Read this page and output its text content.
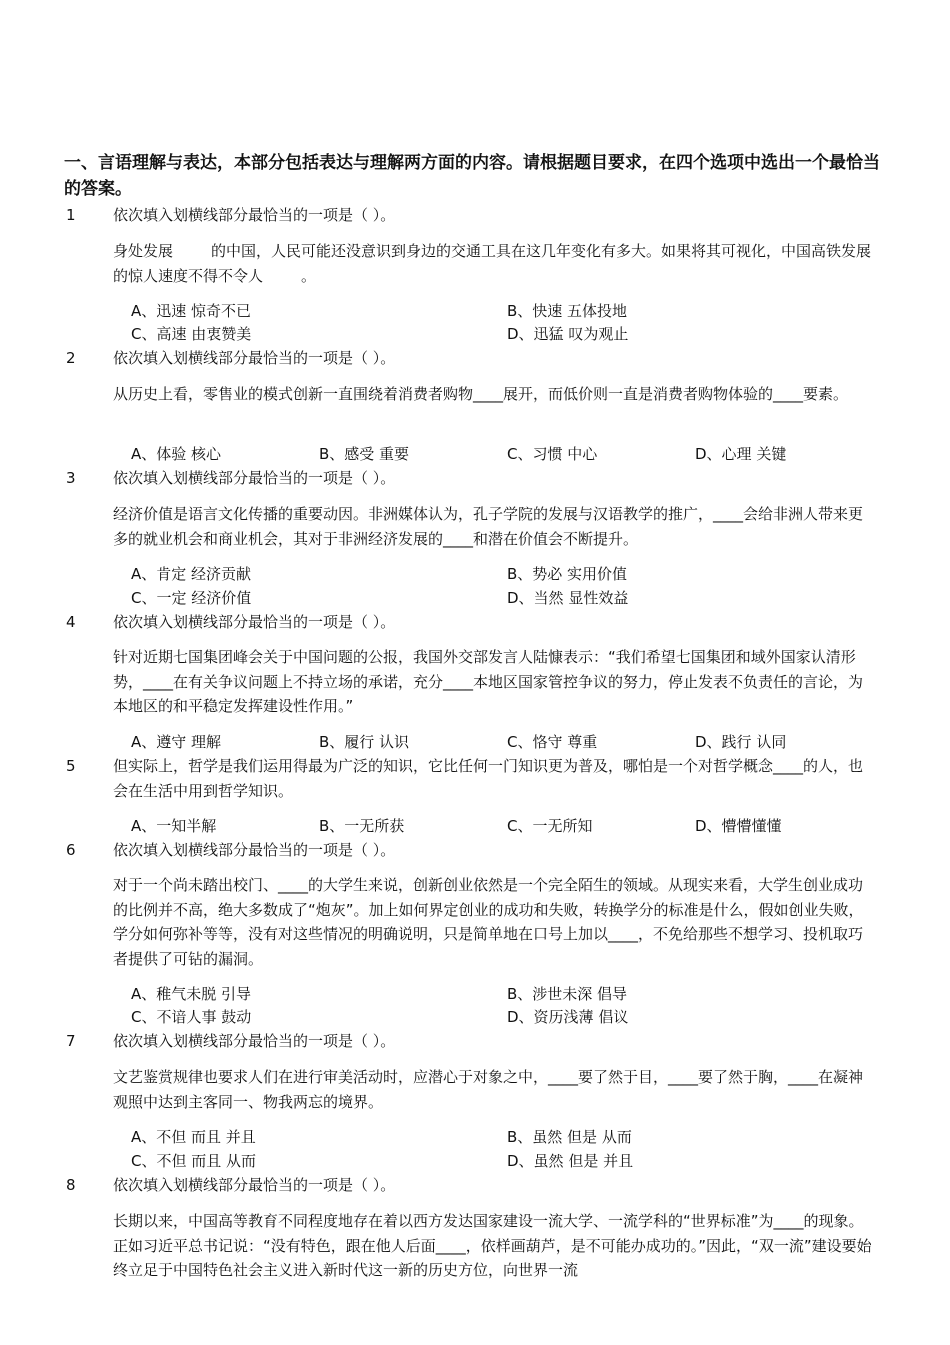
一、言语理解与表达，本部分包括表达与理解两方面的内容。请根据题目要求，在四个选项中选出一个最恰当的答案。
1 依次填入划横线部分最恰当的一项是（ ）。
身处发展	的中国，人民可能还没意识到身边的交通工具在这几年变化有多大。如果将其可视化，中国高铁发展的惊人速度不得不令人	。
A、迅速 惊奇不已	B、快速 五体投地
C、高速 由衷赞美	D、迅猛 叹为观止
2 依次填入划横线部分最恰当的一项是（ ）。
从历史上看，零售业的模式创新一直围绕着消费者购物____展开，而低价则一直是消费者购物体验的____要素。
A、体验 核心	B、感受 重要	C、习惯 中心	D、心理 关键
3 依次填入划横线部分最恰当的一项是（ ）。
经济价值是语言文化传播的重要动因。非洲媒体认为，孔子学院的发展与汉语教学的推广，____会给非洲人带来更多的就业机会和商业机会，其对于非洲经济发展的____和潜在价值会不断提升。
A、肯定 经济贡献	B、势必 实用价值
C、一定 经济价值	D、当然 显性效益
4 依次填入划横线部分最恰当的一项是（ ）。
针对近期七国集团峰会关于中国问题的公报，我国外交部发言人陆慷表示：“我们希望七国集团和域外国家认清形势，____在有关争议问题上不持立场的承诺，充分____本地区国家管控争议的努力，停止发表不负责任的言论，为本地区的和平稳定发挥建设性作用。”
A、遵守 理解	B、履行 认识	C、恪守 尊重	D、践行 认同
5 但实际上，哲学是我们运用得最为广泛的知识，它比任何一门知识更为普及，哪怕是一个对哲学概念____的人，也会在生活中用到哲学知识。
A、一知半解	B、一无所获	C、一无所知	D、懵懵懂懂
6 依次填入划横线部分最恰当的一项是（ ）。
对于一个尚未踏出校门、____的大学生来说，创新创业依然是一个完全陌生的领域。从现实来看，大学生创业成功的比例并不高，绝大多数成了“炮灰”。加上如何界定创业的成功和失败，转换学分的标准是什么，假如创业失败，学分如何弥补等等，没有对这些情况的明确说明，只是简单地在口号上加以____，不免给那些不想学习、投机取巧者提供了可钻的漏洞。
A、稚气未脱 引导	B、涉世未深 倡导
C、不谙人事 鼓动	D、资历浅薄 倡议
7 依次填入划横线部分最恰当的一项是（ ）。
文艺鉴赏规律也要求人们在进行审美活动时，应潜心于对象之中，____要了然于目，____要了然于胸，____在凝神观照中达到主客同一、物我两忘的境界。
A、不但 而且 并且	B、虽然 但是 从而
C、不但 而且 从而	D、虽然 但是 并且
8 依次填入划横线部分最恰当的一项是（ ）。
长期以来，中国高等教育不同程度地存在着以西方发达国家建设一流大学、一流学科的“世界标准”为____的现象。正如习近平总书记说：“没有特色，跟在他人后面____，依样画葫芦，是不可能办成功的。”因此，“双一流”建设要始终立足于中国特色社会主义进入新时代这一新的历史方位，向世界一流
